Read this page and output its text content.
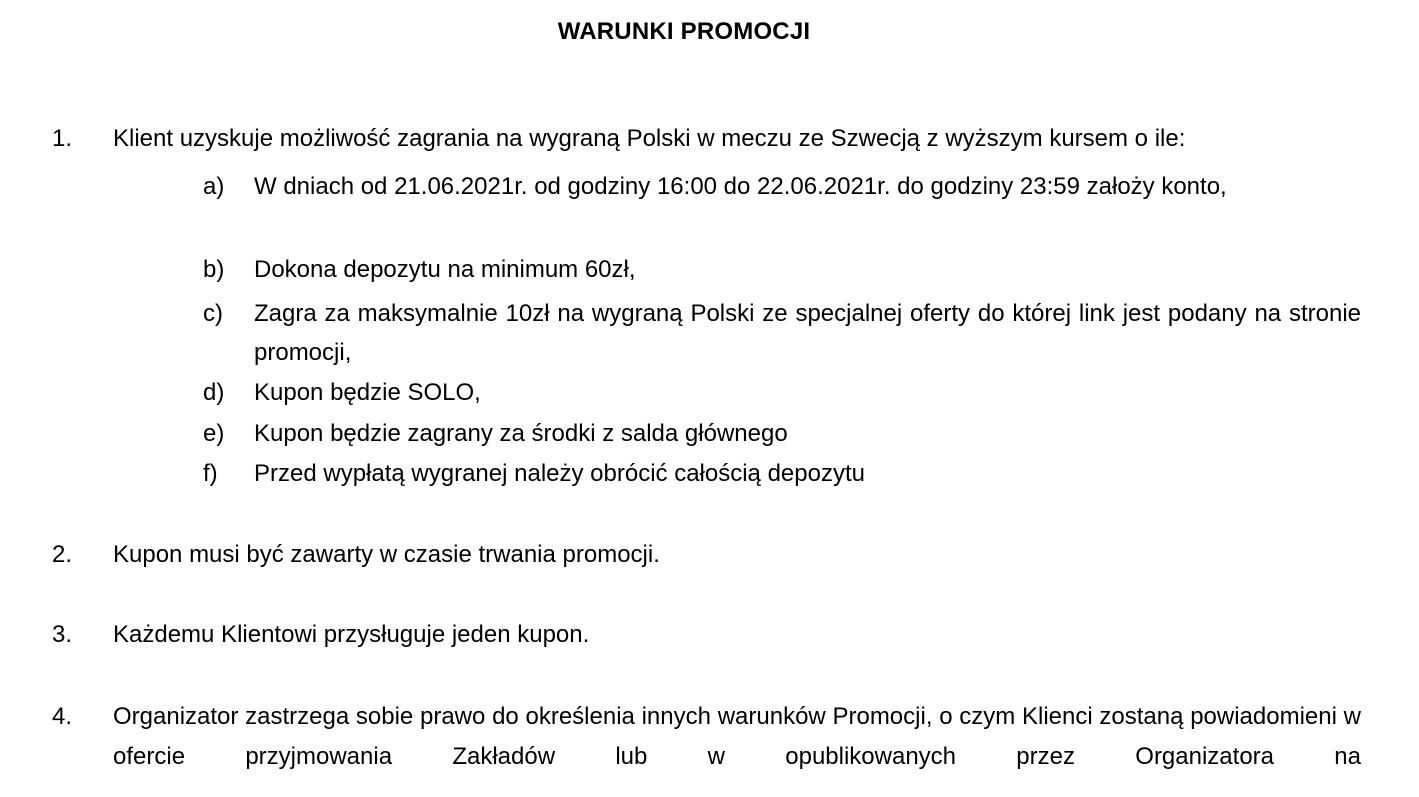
WARUNKI PROMOCJI
1. Klient uzyskuje możliwość zagrania na wygraną Polski w meczu ze Szwecją z wyższym kursem o ile:
a) W dniach od 21.06.2021r. od godziny 16:00 do 22.06.2021r. do godziny 23:59 założy konto,
b) Dokona depozytu na minimum 60zł,
c) Zagra za maksymalnie 10zł na wygraną Polski ze specjalnej oferty do której link jest podany na stronie promocji,
d) Kupon będzie SOLO,
e) Kupon będzie zagrany za środki z salda głównego
f) Przed wypłatą wygranej należy obrócić całością depozytu
2. Kupon musi być zawarty w czasie trwania promocji.
3. Każdemu Klientowi przysługuje jeden kupon.
4. Organizator zastrzega sobie prawo do określenia innych warunków Promocji, o czym Klienci zostaną powiadomieni w ofercie przyjmowania Zakładów lub w opublikowanych przez Organizatora na
